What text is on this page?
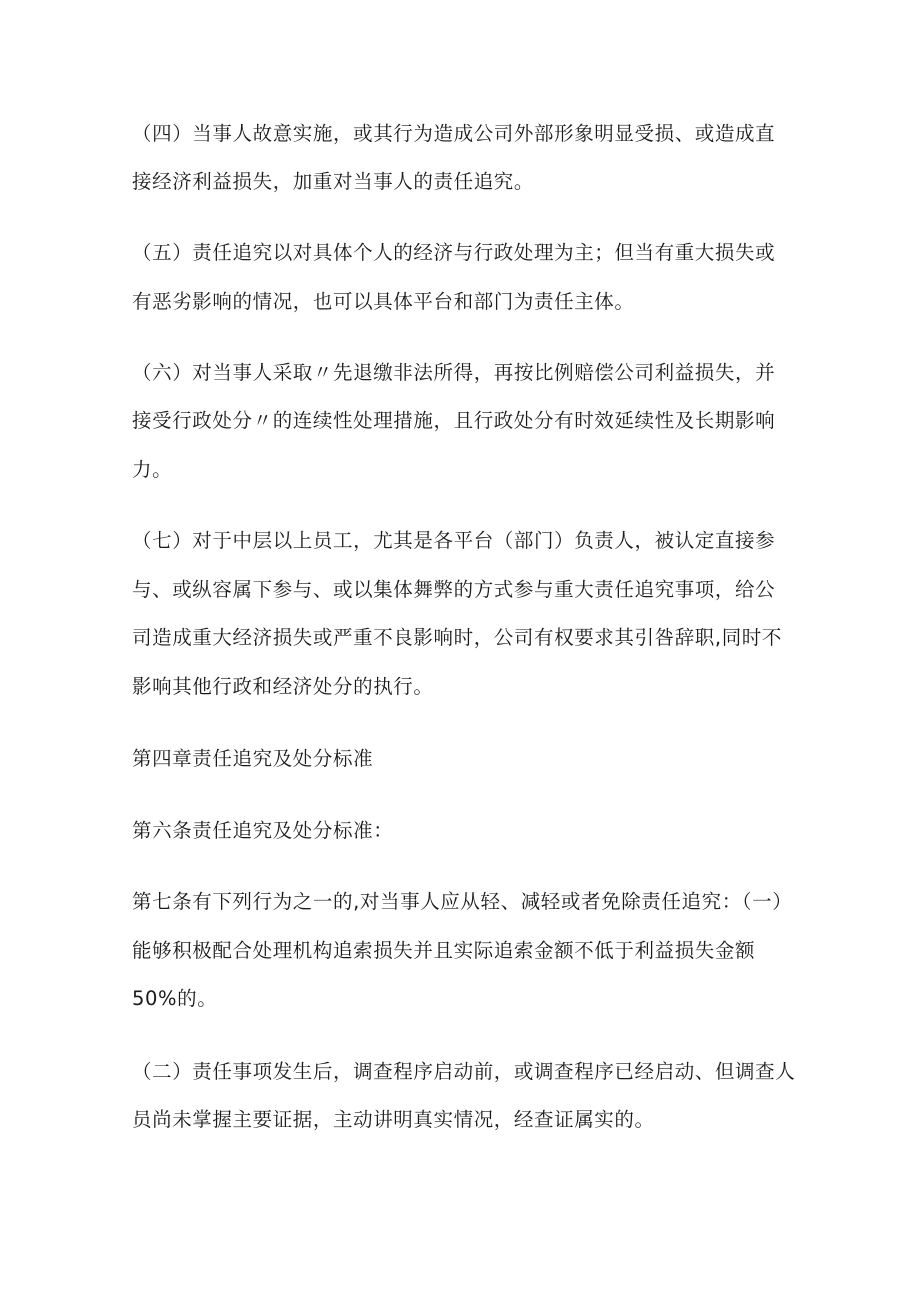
（四）当事人故意实施，或其行为造成公司外部形象明显受损、或造成直
接经济利益损失，加重对当事人的责任追究。
（五）责任追究以对具体个人的经济与行政处理为主；但当有重大损失或
有恶劣影响的情况，也可以具体平台和部门为责任主体。
（六）对当事人采取〃先退缴非法所得，再按比例赔偿公司利益损失，并
接受行政处分〃的连续性处理措施，且行政处分有时效延续性及长期影响
力。
（七）对于中层以上员工，尤其是各平台（部门）负责人，被认定直接参
与、或纵容属下参与、或以集体舞弊的方式参与重大责任追究事项，给公
司造成重大经济损失或严重不良影响时，公司有权要求其引咎辞职,同时不
影响其他行政和经济处分的执行。
第四章责任追究及处分标准
第六条责任追究及处分标准：
第七条有下列行为之一的,对当事人应从轻、减轻或者免除责任追究：（一）
能够积极配合处理机构追索损失并且实际追索金额不低于利益损失金额
50%的。
（二）责任事项发生后，调查程序启动前，或调查程序已经启动、但调查人
员尚未掌握主要证据，主动讲明真实情况，经查证属实的。
